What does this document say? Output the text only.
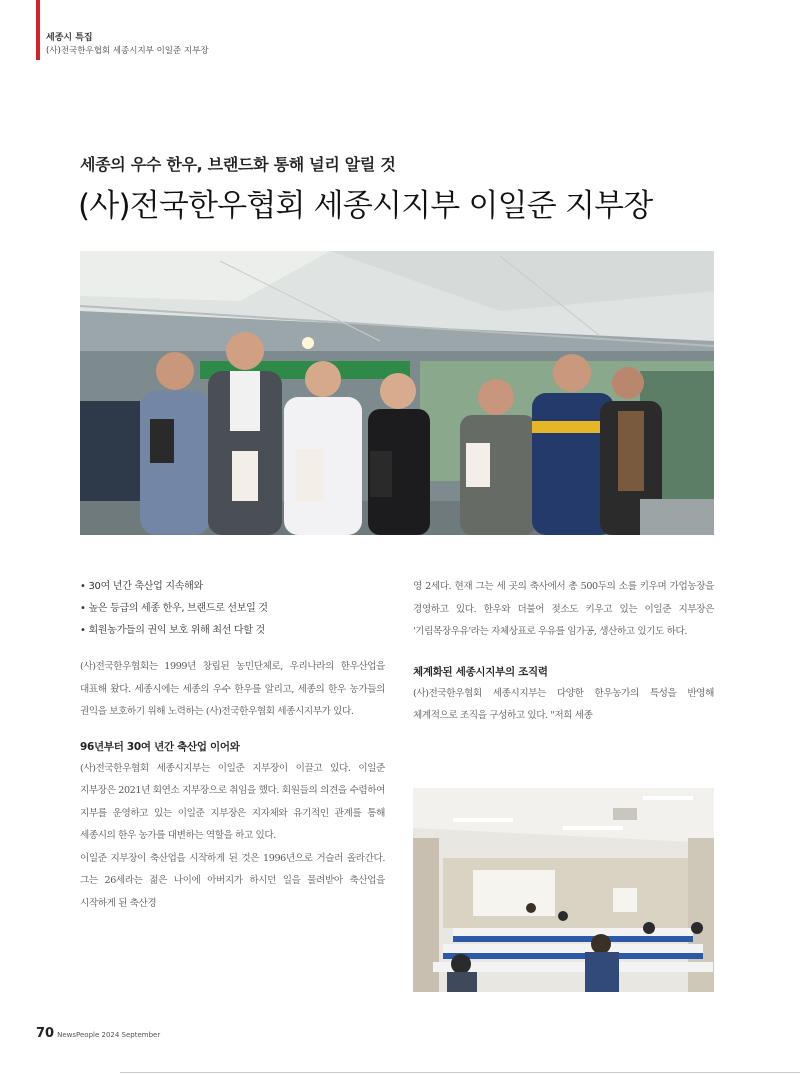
세종시 특집
(사)전국한우협회 세종시지부 이일준 지부장
세종의 우수 한우, 브랜드화 통해 널리 알릴 것
(사)전국한우협회 세종시지부 이일준 지부장
• 30여 년간 축산업 지속해와
• 높은 등급의 세종 한우, 브랜드로 선보일 것
• 회원농가들의 권익 보호 위해 최선 다할 것

(사)전국한우협회는 1999년 창립된 농민단체로, 우리나라의 한우산업을 대표해 왔다. 세종시에는 세종의 우수 한우를 알리고, 세종의 한우 농가들의 권익을 보호하기 위해 노력하는 (사)전국한우협회 세종시지부가 있다.

96년부터 30여 년간 축산업 이어와

(사)전국한우협회 세종시지부는 이일준 지부장이 이끌고 있다. 이일준 지부장은 2021년 회연소 지부장으로 취임을 했다. 회원들의 의견을 수렴하여 지부를 운영하고 있는 이일준 지부장은 지자체와 유기적인 관계를 통해 세종시의 한우 농가를 대변하는 역할을 하고 있다.

이일준 지부장이 축산업을 시작하게 된 것은 1996년으로 거슬러 올라간다. 그는 26세라는 젊은 나이에 아버지가 하시던 일을 물려받아 축산업을 시작하게 된 축산경

영 2세다. 현재 그는 세 곳의 축사에서 총 500두의 소를 키우며 가업농장을 경영하고 있다. 한우와 더불어 젖소도 키우고 있는 이일준 지부장은 '기림목장우유'라는 자체상표로 우유를 임가공, 생산하고 있기도 하다.

체계화된 세종시지부의 조직력

(사)전국한우협회 세종시지부는 다양한 한우농가의 특성을 반영해 체계적으로 조직을 구성하고 있다. "저희 세종

70 NewsPeople 2024 September
